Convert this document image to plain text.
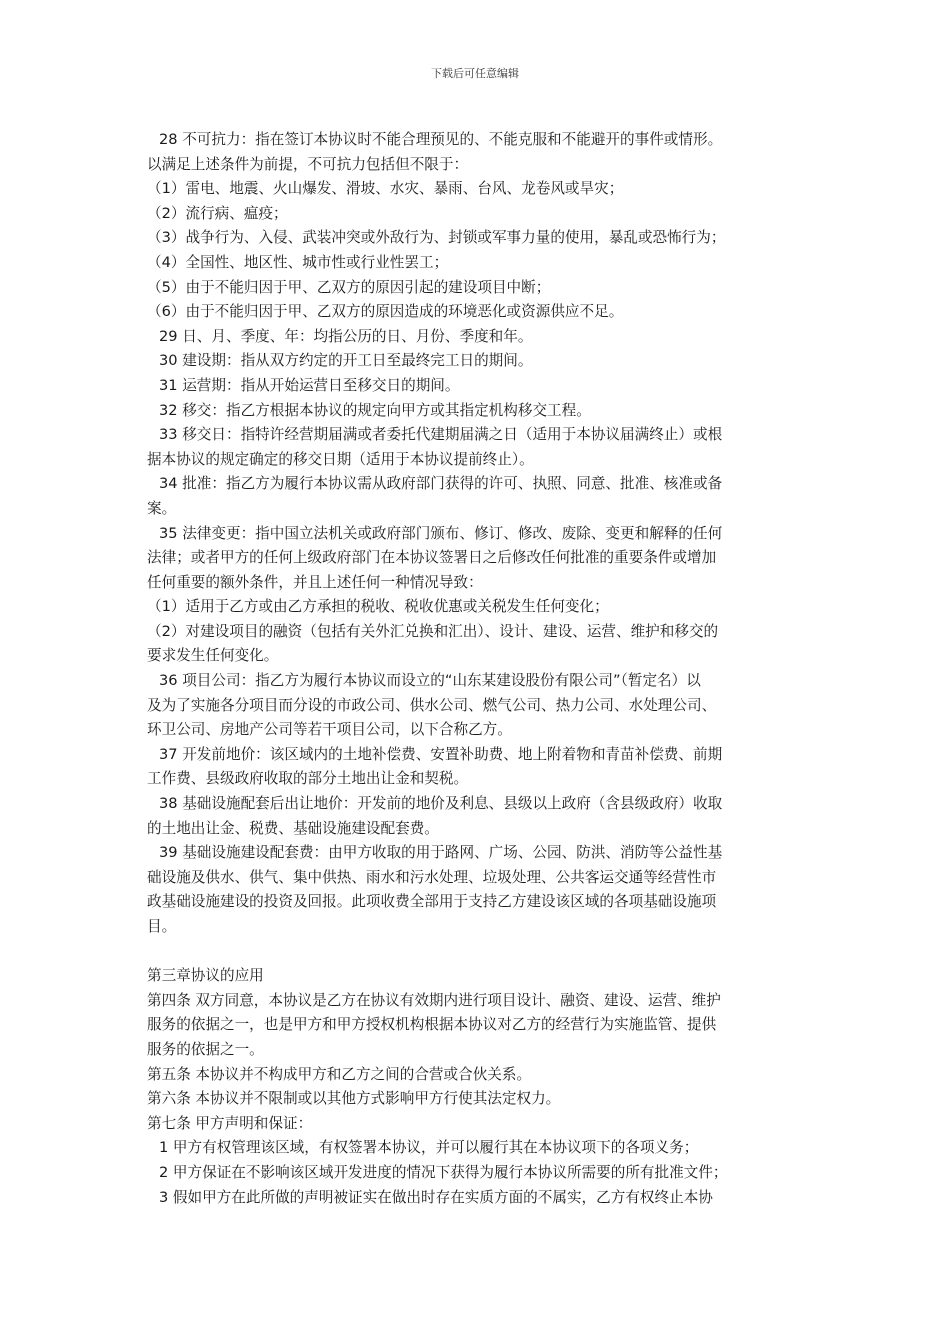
下载后可任意编辑
28 不可抗力：指在签订本协议时不能合理预见的、不能克服和不能避开的事件或情形。
以满足上述条件为前提，不可抗力包括但不限于：
（1）雷电、地震、火山爆发、滑坡、水灾、暴雨、台风、龙卷风或旱灾；
（2）流行病、瘟疫；
（3）战争行为、入侵、武装冲突或外敌行为、封锁或军事力量的使用，暴乱或恐怖行为；
（4）全国性、地区性、城市性或行业性罢工；
（5）由于不能归因于甲、乙双方的原因引起的建设项目中断；
（6）由于不能归因于甲、乙双方的原因造成的环境恶化或资源供应不足。
29 日、月、季度、年：均指公历的日、月份、季度和年。
30 建设期：指从双方约定的开工日至最终完工日的期间。
31 运营期：指从开始运营日至移交日的期间。
32 移交：指乙方根据本协议的规定向甲方或其指定机构移交工程。
33 移交日：指特许经营期届满或者委托代建期届满之日（适用于本协议届满终止）或根
据本协议的规定确定的移交日期（适用于本协议提前终止）。
34 批准：指乙方为履行本协议需从政府部门获得的许可、执照、同意、批准、核准或备
案。
35 法律变更：指中国立法机关或政府部门颁布、修订、修改、废除、变更和解释的任何
法律；或者甲方的任何上级政府部门在本协议签署日之后修改任何批准的重要条件或增加
任何重要的额外条件，并且上述任何一种情况导致：
（1）适用于乙方或由乙方承担的税收、税收优惠或关税发生任何变化；
（2）对建设项目的融资（包括有关外汇兑换和汇出）、设计、建设、运营、维护和移交的
要求发生任何变化。
36 项目公司：指乙方为履行本协议而设立的“山东某建设股份有限公司”（暂定名）以
及为了实施各分项目而分设的市政公司、供水公司、燃气公司、热力公司、水处理公司、
环卫公司、房地产公司等若干项目公司，以下合称乙方。
37 开发前地价：该区域内的土地补偿费、安置补助费、地上附着物和青苗补偿费、前期
工作费、县级政府收取的部分土地出让金和契税。
38 基础设施配套后出让地价：开发前的地价及利息、县级以上政府（含县级政府）收取
的土地出让金、税费、基础设施建设配套费。
39 基础设施建设配套费：由甲方收取的用于路网、广场、公园、防洪、消防等公益性基
础设施及供水、供气、集中供热、雨水和污水处理、垃圾处理、公共客运交通等经营性市
政基础设施建设的投资及回报。此项收费全部用于支持乙方建设该区域的各项基础设施项
目。
第三章协议的应用
第四条 双方同意，本协议是乙方在协议有效期内进行项目设计、融资、建设、运营、维护
服务的依据之一，也是甲方和甲方授权机构根据本协议对乙方的经营行为实施监管、提供
服务的依据之一。
第五条 本协议并不构成甲方和乙方之间的合营或合伙关系。
第六条 本协议并不限制或以其他方式影响甲方行使其法定权力。
第七条 甲方声明和保证：
1 甲方有权管理该区域，有权签署本协议，并可以履行其在本协议项下的各项义务；
2 甲方保证在不影响该区域开发进度的情况下获得为履行本协议所需要的所有批准文件；
3 假如甲方在此所做的声明被证实在做出时存在实质方面的不属实，乙方有权终止本协
